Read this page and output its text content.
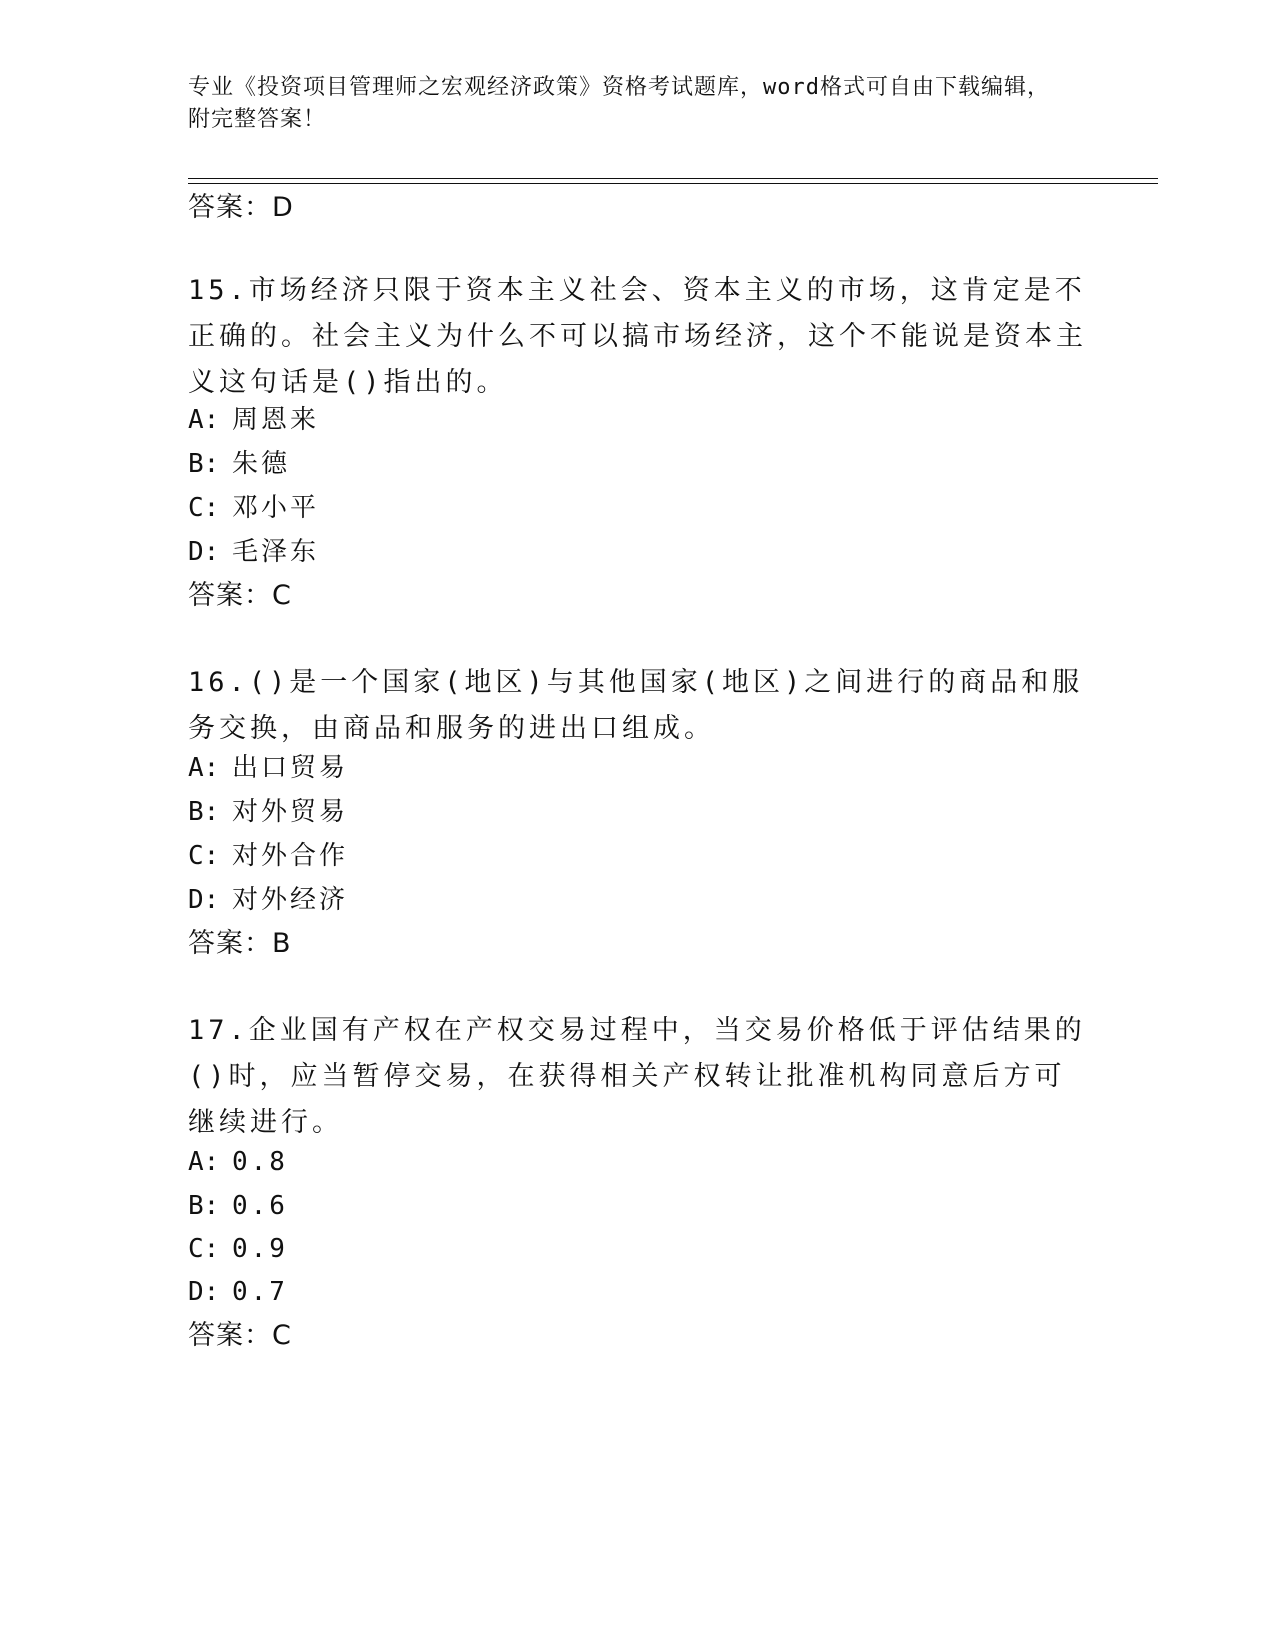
专业《投资项目管理师之宏观经济政策》资格考试题库，word格式可自由下载编辑，附完整答案！
答案：D
15.市场经济只限于资本主义社会、资本主义的市场，这肯定是不正确的。社会主义为什么不可以搞市场经济，这个不能说是资本主义这句话是()指出的。
A: 周恩来
B: 朱德
C: 邓小平
D: 毛泽东
答案：C
16.()是一个国家(地区)与其他国家(地区)之间进行的商品和服务交换，由商品和服务的进出口组成。
A: 出口贸易
B: 对外贸易
C: 对外合作
D: 对外经济
答案：B
17.企业国有产权在产权交易过程中，当交易价格低于评估结果的()时，应当暂停交易，在获得相关产权转让批准机构同意后方可继续进行。
A: 0.8
B: 0.6
C: 0.9
D: 0.7
答案：C
